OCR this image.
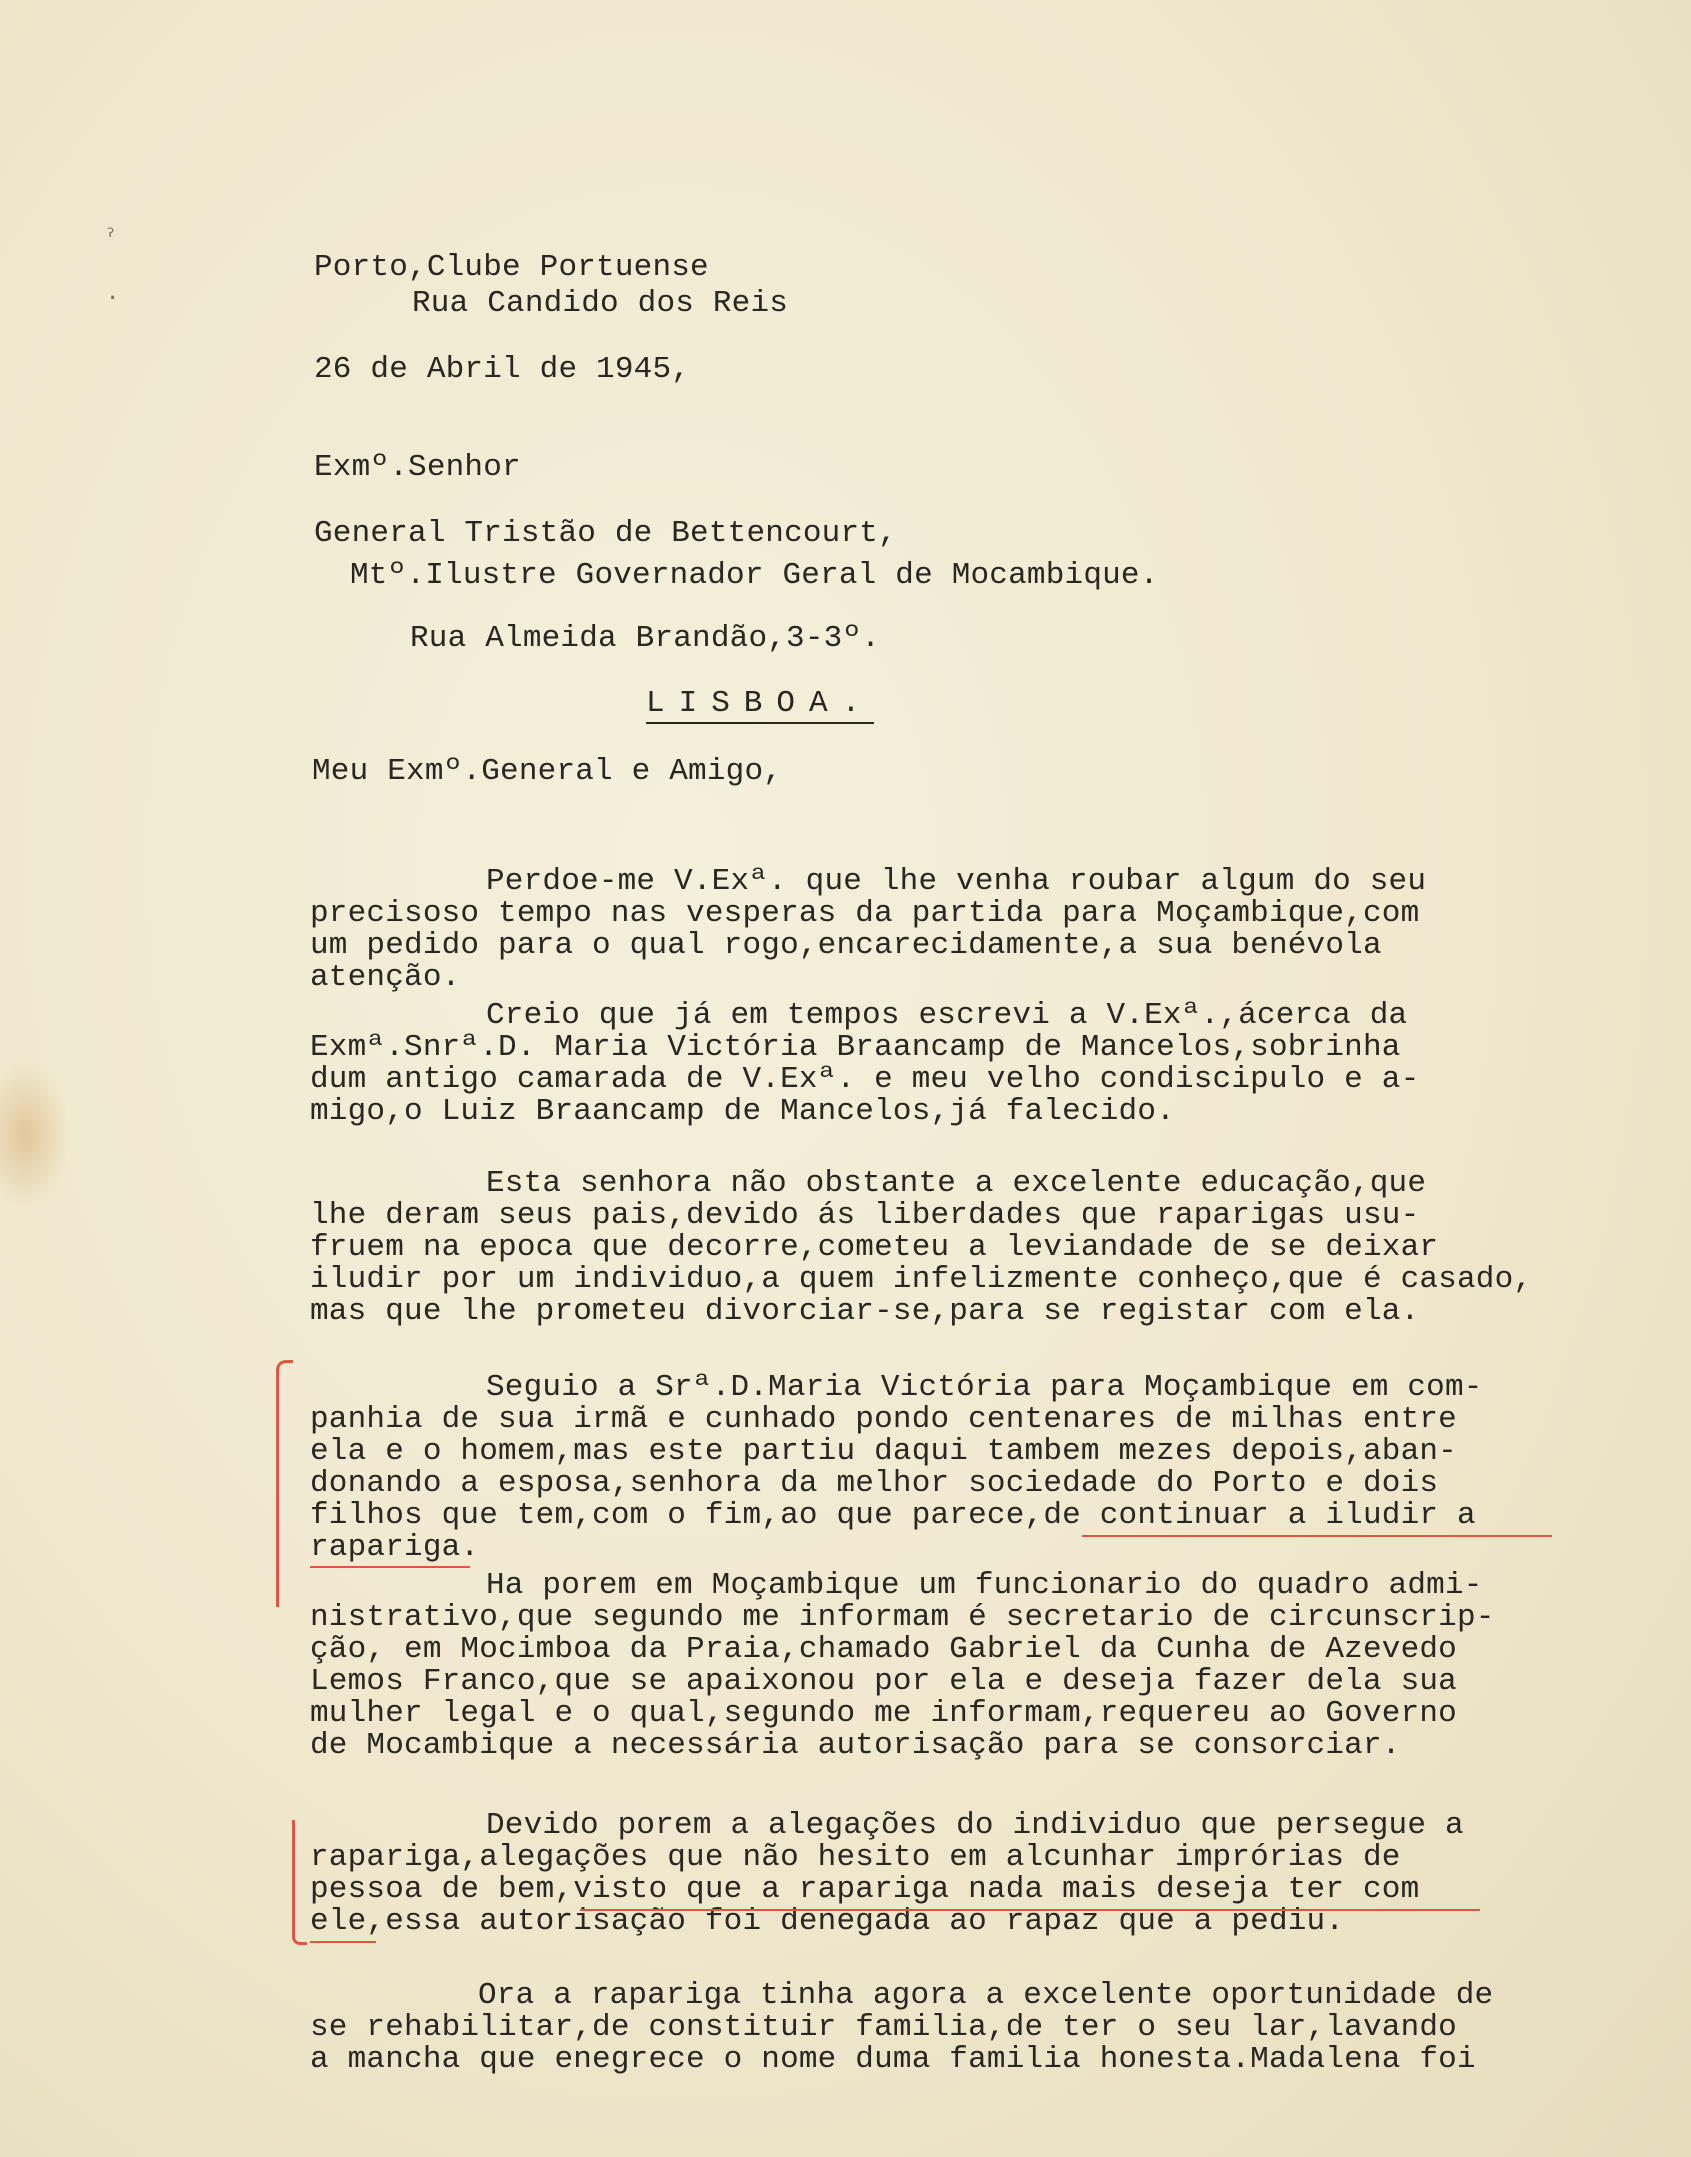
ˀ
·
Porto,Clube Portuense
Rua Candido dos Reis
26 de Abril de 1945,
Exmº.Senhor
General Tristão de Bettencourt,
Mtº.Ilustre Governador Geral de Mocambique.
Rua Almeida Brandão,3-3º.
LISBOA.
Meu Exmº.General e Amigo,
Perdoe-me V.Exª. que lhe venha roubar algum do seu
precisoso tempo nas vesperas da partida para Moçambique,com
um pedido para o qual rogo,encarecidamente,a sua benévola
atenção.
Creio que já em tempos escrevi a V.Exª.,ácerca da
Exmª.Snrª.D. Maria Victória Braancamp de Mancelos,sobrinha
dum antigo camarada de V.Exª. e meu velho condiscipulo e a-
migo,o Luiz Braancamp de Mancelos,já falecido.
Esta senhora não obstante a excelente educação,que
lhe deram seus pais,devido ás liberdades que raparigas usu-
fruem na epoca que decorre,cometeu a leviandade de se deixar
iludir por um individuo,a quem infelizmente conheço,que é casado,
mas que lhe prometeu divorciar-se,para se registar com ela.
Seguio a Srª.D.Maria Victória para Moçambique em com-
panhia de sua irmã e cunhado pondo centenares de milhas entre
ela e o homem,mas este partiu daqui tambem mezes depois,aban-
donando a esposa,senhora da melhor sociedade do Porto e dois
filhos que tem,com o fim,ao que parece,de continuar a iludir a
rapariga.
Ha porem em Moçambique um funcionario do quadro admi-
nistrativo,que segundo me informam é secretario de circunscrip-
ção, em Mocimboa da Praia,chamado Gabriel da Cunha de Azevedo
Lemos Franco,que se apaixonou por ela e deseja fazer dela sua
mulher legal e o qual,segundo me informam,requereu ao Governo
de Mocambique a necessária autorisação para se consorciar.
Devido porem a alegações do individuo que persegue a
rapariga,alegações que não hesito em alcunhar imprórias de
pessoa de bem,visto que a rapariga nada mais deseja ter com
ele,essa autorisação foi denegada ao rapaz que a pediu.
Ora a rapariga tinha agora a excelente oportunidade de
se rehabilitar,de constituir familia,de ter o seu lar,lavando
a mancha que enegrece o nome duma familia honesta.Madalena foi
